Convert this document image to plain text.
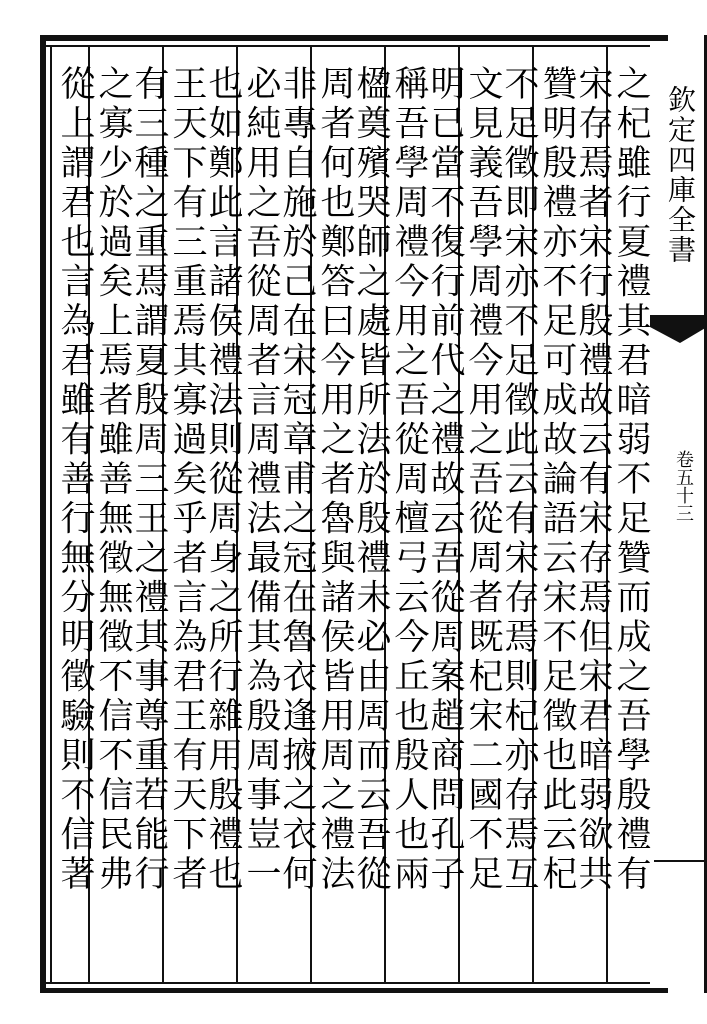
之杞雖行夏禮其君暗弱不足贊而成之吾學殷禮有
宋存焉者宋行殷禮故云有宋存焉但宋君暗弱欲共
贊明殷禮亦不足可成故論語云宋不足徵也此云杞
不足徵即宋亦不足徵此云有宋存焉則杞亦存焉互
文見義吾學周禮今用之吾從周者既杞宋二國不足
明已當不復行前代之禮故云吾從周案趙商問孔子
稱吾學周禮今用之吾從周檀弓云今丘也殷人也兩
楹奠殯哭師之處皆所法於殷禮未必由周而云吾從
周者何也鄭答曰今用之者魯與諸侯皆用周之禮法
非專自施於己在宋冠章甫之冠在魯衣逢掖之衣何
必純用之吾從周者言周禮法最備其為殷周事豈一
也如鄭此言諸侯禮法則從周身之所行雜用殷禮也
王天下有三重焉其寡過矣乎者言為君王有天下者
有三種之重焉謂夏殷周三王之禮其事尊重若能行
之寡少於過矣上焉者雖善無徵無徵不信不信民弗
從上謂君也言為君雖有善行無分明徵驗則不信著	欽定四庫全書
卷五十三
